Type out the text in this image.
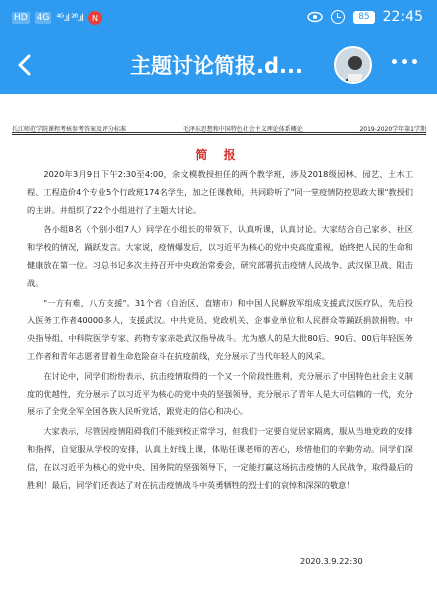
HD 4G ⁴ᴳ.ıl ²⁶.ıl	N	85 22:45
主题讨论简报.d...
长江师范学院课程考核参考答案及评分标准	毛泽东思想和中国特色社会主义理论体系概论	2019-2020学年第1学期
简 报

2020年3月9日下午2:30至4:00，余文模教授担任的两个教学班，涉及2018级园林、园艺、土木工程、工程造价4个专业5个行政班174名学生，加之任课教师，共同聆听了"同一堂疫情防控思政大课"教授们的主讲。并组织了22个小组进行了主题大讨论。

各小组8名（个别小组7人）同学在小组长的带领下，认真听课，认真讨论。大家结合自己家乡、社区和学校的情况，踊跃发言。大家说，疫情爆发后，以习近平为核心的党中央高度重视，始终把人民的生命和健康放在第一位。习总书记多次主持召开中央政治常委会，研究部署抗击疫情人民战争、武汉保卫战、阻击战。

"一方有难，八方支援"。31个省（自治区、直辖市）和中国人民解放军组成支援武汉医疗队，先后投入医务工作者40000多人，支援武汉。中共党员、党政机关、企事业单位和人民群众等踊跃捐款捐物。中央指导组、中科院医学专家、药物专家亲赴武汉指导战斗。尤为感人的是大批80后、90后、00后年轻医务工作者和青年志愿者冒着生命危险奋斗在抗疫前线，充分展示了当代年轻人的风采。

在讨论中，同学们纷纷表示，抗击疫情取得的一个又一个阶段性胜利，充分展示了中国特色社会主义制度的优越性，充分展示了以习近平为核心的党中央的坚强领导，充分展示了青年人是大可信赖的一代，充分展示了全党全军全国各族人民听党话，跟党走的信心和决心。

大家表示，尽管因疫情阻碍我们不能到校正常学习，但我们一定要自觉居家隔离，服从当地党政的安排和指挥，自觉服从学校的安排，认真上好线上课，体贴任课老师的苦心，珍惜他们的辛勤劳动。同学们深信，在以习近平为核心的党中央、国务院的坚强领导下，一定能打赢这场抗击疫情的人民战争，取得最后的胜利！最后，同学们还表达了对在抗击疫情战斗中英勇牺牲的烈士们的哀悼和深深的敬意！

2020.3.9.22:30
